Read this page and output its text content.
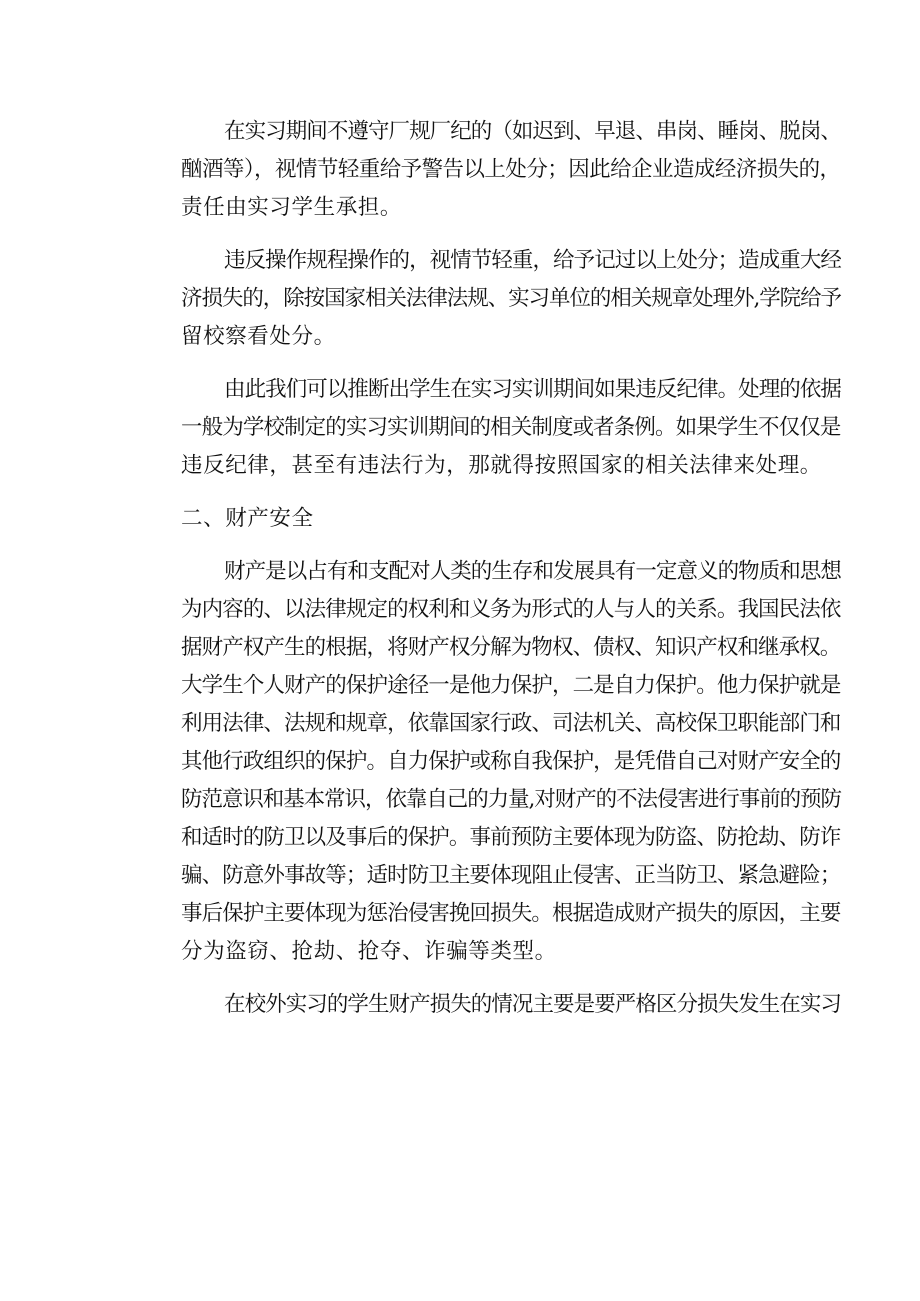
在实习期间不遵守厂规厂纪的（如迟到、早退、串岗、睡岗、脱岗、
酗酒等），视情节轻重给予警告以上处分；因此给企业造成经济损失的，
责任由实习学生承担。
违反操作规程操作的，视情节轻重，给予记过以上处分；造成重大经
济损失的，除按国家相关法律法规、实习单位的相关规章处理外,学院给予
留校察看处分。
由此我们可以推断出学生在实习实训期间如果违反纪律。处理的依据
一般为学校制定的实习实训期间的相关制度或者条例。如果学生不仅仅是
违反纪律，甚至有违法行为，那就得按照国家的相关法律来处理。
二、财产安全
财产是以占有和支配对人类的生存和发展具有一定意义的物质和思想
为内容的、以法律规定的权利和义务为形式的人与人的关系。我国民法依
据财产权产生的根据，将财产权分解为物权、债权、知识产权和继承权。
大学生个人财产的保护途径一是他力保护，二是自力保护。他力保护就是
利用法律、法规和规章，依靠国家行政、司法机关、高校保卫职能部门和
其他行政组织的保护。自力保护或称自我保护，是凭借自己对财产安全的
防范意识和基本常识，依靠自己的力量,对财产的不法侵害进行事前的预防
和适时的防卫以及事后的保护。事前预防主要体现为防盗、防抢劫、防诈
骗、防意外事故等；适时防卫主要体现阻止侵害、正当防卫、紧急避险；
事后保护主要体现为惩治侵害挽回损失。根据造成财产损失的原因，主要
分为盗窃、抢劫、抢夺、诈骗等类型。
在校外实习的学生财产损失的情况主要是要严格区分损失发生在实习
